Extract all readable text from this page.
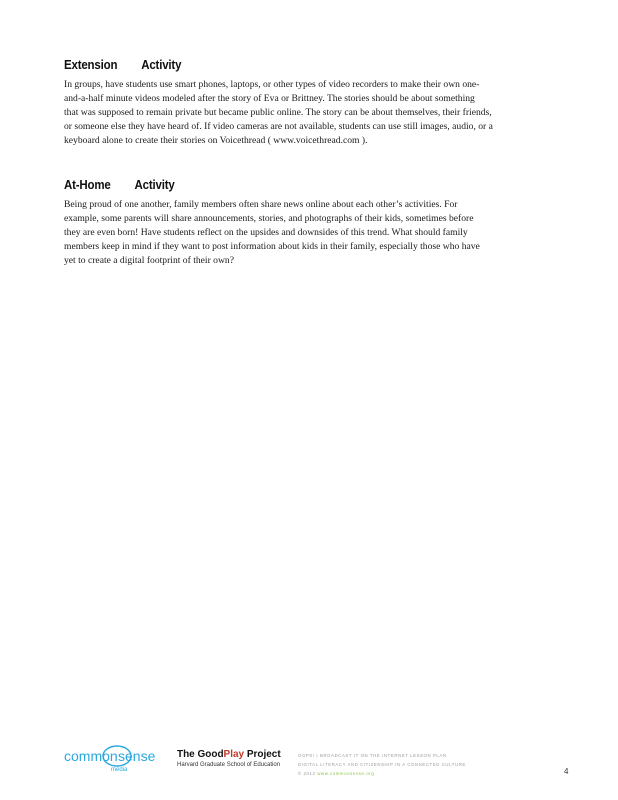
Extension Activity

In groups, have students use smart phones, laptops, or other types of video recorders to make their own one-
and-a-half minute videos modeled after the story of Eva or Brittney. The stories should be about something
that was supposed to remain private but became public online. The story can be about themselves, their friends,
or someone else they have heard of. If video cameras are not available, students can use still images, audio, or a
keyboard alone to create their stories on Voicethread ( www.voicethread.com ).

At-Home Activity

Being proud of one another, family members often share news online about each other’s activities. For
example, some parents will share announcements, stories, and photographs of their kids, sometimes before
they are even born! Have students reflect on the upsides and downsides of this trend. What should family
members keep in mind if they want to post information about kids in their family, especially those who have
yet to create a digital footprint of their own?

common sense
media
The GoodPlay Project
Harvard Graduate School of Education
OOPS! I BROADCAST IT ON THE INTERNET LESSON PLAN
DIGITAL LITERACY AND CITIZENSHIP IN A CONNECTED CULTURE
© 2012 www.commonsense.org	4
